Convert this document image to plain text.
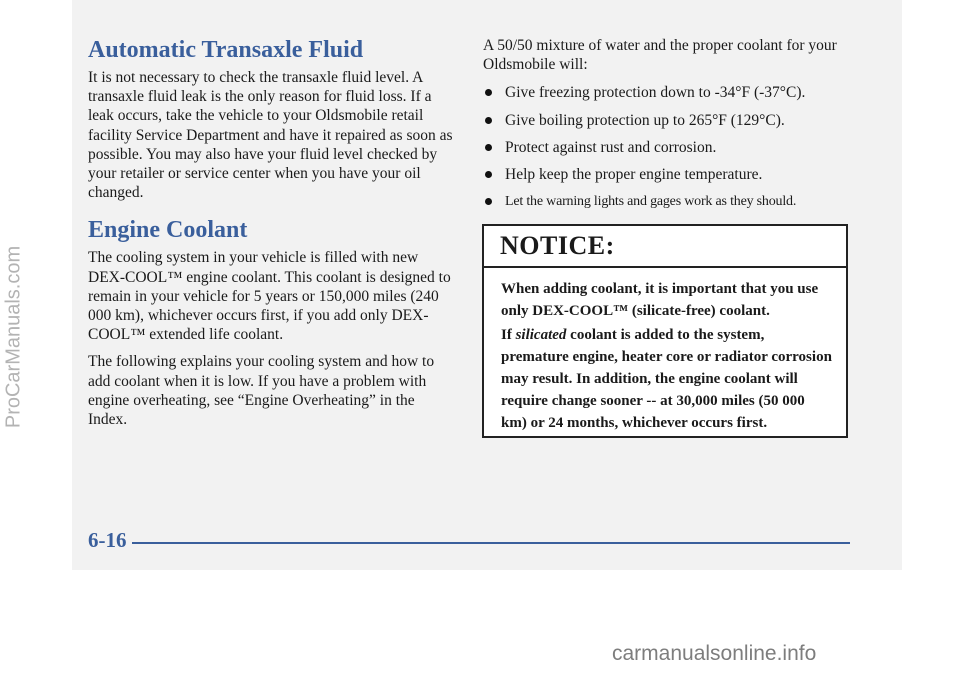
ProCarManuals.com
Automatic Transaxle Fluid

It is not necessary to check the transaxle fluid level. A transaxle fluid leak is the only reason for fluid loss. If a leak occurs, take the vehicle to your Oldsmobile retail facility Service Department and have it repaired as soon as possible. You may also have your fluid level checked by your retailer or service center when you have your oil changed.

Engine Coolant

The cooling system in your vehicle is filled with new DEX-COOL™ engine coolant. This coolant is designed to remain in your vehicle for 5 years or 150,000 miles (240 000 km), whichever occurs first, if you add only DEX-COOL™ extended life coolant.

The following explains your cooling system and how to add coolant when it is low. If you have a problem with engine overheating, see “Engine Overheating” in the Index.

A 50/50 mixture of water and the proper coolant for your Oldsmobile will:

Give freezing protection down to -34°F (-37°C).
Give boiling protection up to 265°F (129°C).
Protect against rust and corrosion.
Help keep the proper engine temperature.
Let the warning lights and gages work as they should.
NOTICE:

When adding coolant, it is important that you use only DEX-COOL™ (silicate-free) coolant.

If silicated coolant is added to the system, premature engine, heater core or radiator corrosion may result. In addition, the engine coolant will require change sooner -- at 30,000 miles (50 000 km) or 24 months, whichever occurs first.

6-16
carmanualsonline.info
